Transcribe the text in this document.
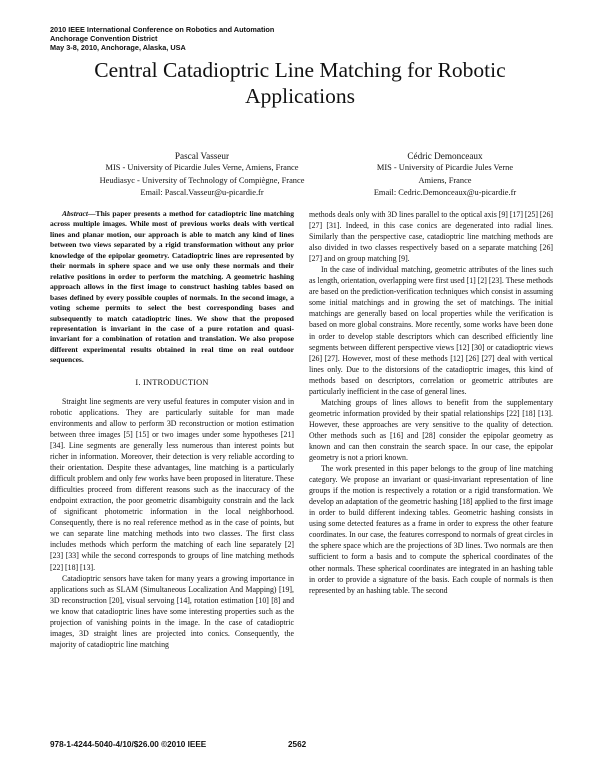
2010 IEEE International Conference on Robotics and Automation
Anchorage Convention District
May 3-8, 2010, Anchorage, Alaska, USA
Central Catadioptric Line Matching for Robotic
Applications
Pascal Vasseur
MIS - University of Picardie Jules Verne, Amiens, France
Heudiasyc - University of Technology of Compiègne, France
Email: Pascal.Vasseur@u-picardie.fr
Cédric Demonceaux
MIS - University of Picardie Jules Verne
Amiens, France
Email: Cedric.Demonceaux@u-picardie.fr

Abstract—This paper presents a method for catadioptric line matching across multiple images. While most of previous works deals with vertical lines and planar motion, our approach is able to match any kind of lines between two views separated by a rigid transformation without any prior knowledge of the epipolar geometry. Catadioptric lines are represented by their normals in sphere space and we use only these normals and their relative positions in order to perform the matching. A geometric hashing approach allows in the first image to construct hashing tables based on bases defined by every possible couples of normals. In the second image, a voting scheme permits to select the best corresponding bases and subsequently to match catadioptric lines. We show that the proposed representation is invariant in the case of a pure rotation and quasi-invariant for a combination of rotation and translation. We also propose different experimental results obtained in real time on real outdoor sequences.

I. INTRODUCTION

Straight line segments are very useful features in computer vision and in robotic applications. They are particularly suitable for man made environments and allow to perform 3D reconstruction or motion estimation between three images [5] [15] or two images under some hypotheses [21] [34]. Line segments are generally less numerous than interest points but richer in information. Moreover, their detection is very reliable according to their orientation. Despite these advantages, line matching is a particularly difficult problem and only few works have been proposed in literature. These difficulties proceed from different reasons such as the inaccuracy of the endpoint extraction, the poor geometric disambiguity constrain and the lack of significant photometric information in the local neighborhood. Consequently, there is no real reference method as in the case of points, but we can separate line matching methods into two classes. The first class includes methods which perform the matching of each line separately [2] [23] [33] while the second corresponds to groups of line matching methods [22] [18] [13].

Catadioptric sensors have taken for many years a growing importance in applications such as SLAM (Simultaneous Localization And Mapping) [19], 3D reconstruction [20], visual servoing [14], rotation estimation [10] [8] and we know that catadioptric lines have some interesting properties such as the projection of vanishing points in the image. In the case of catadioptric images, 3D straight lines are projected into conics. Consequently, the majority of catadioptric line matching

methods deals only with 3D lines parallel to the optical axis [9] [17] [25] [26] [27] [31]. Indeed, in this case conics are degenerated into radial lines. Similarly than the perspective case, catadioptric line matching methods are also divided in two classes respectively based on a separate matching [26] [27] and on group matching [9].

In the case of individual matching, geometric attributes of the lines such as length, orientation, overlapping were first used [1] [2] [23]. These methods are based on the prediction-verification techniques which consist in assuming some initial matchings and in growing the set of matchings. The initial matchings are generally based on local properties while the verification is based on more global constrains. More recently, some works have been done in order to develop stable descriptors which can described efficiently line segments between different perspective views [12] [30] or catadioptric views [26] [27]. However, most of these methods [12] [26] [27] deal with vertical lines only. Due to the distorsions of the catadioptric images, this kind of methods based on descriptors, correlation or geometric attributes are particularly inefficient in the case of general lines.

Matching groups of lines allows to benefit from the supplementary geometric information provided by their spatial relationships [22] [18] [13]. However, these approaches are very sensitive to the quality of detection. Other methods such as [16] and [28] consider the epipolar geometry as known and can then constrain the search space. In our case, the epipolar geometry is not a priori known.

The work presented in this paper belongs to the group of line matching category. We propose an invariant or quasi-invariant representation of line groups if the motion is respectively a rotation or a rigid transformation. We develop an adaptation of the geometric hashing [18] applied to the first image in order to build different indexing tables. Geometric hashing consists in using some detected features as a frame in order to express the other feature coordinates. In our case, the features correspond to normals of great circles in the sphere space which are the projections of 3D lines. Two normals are then sufficient to form a basis and to compute the spherical coordinates of the other normals. These spherical coordinates are integrated in an hashing table in order to provide a signature of the basis. Each couple of normals is then represented by an hashing table. The second

978-1-4244-5040-4/10/$26.00 ©2010 IEEE	2562
